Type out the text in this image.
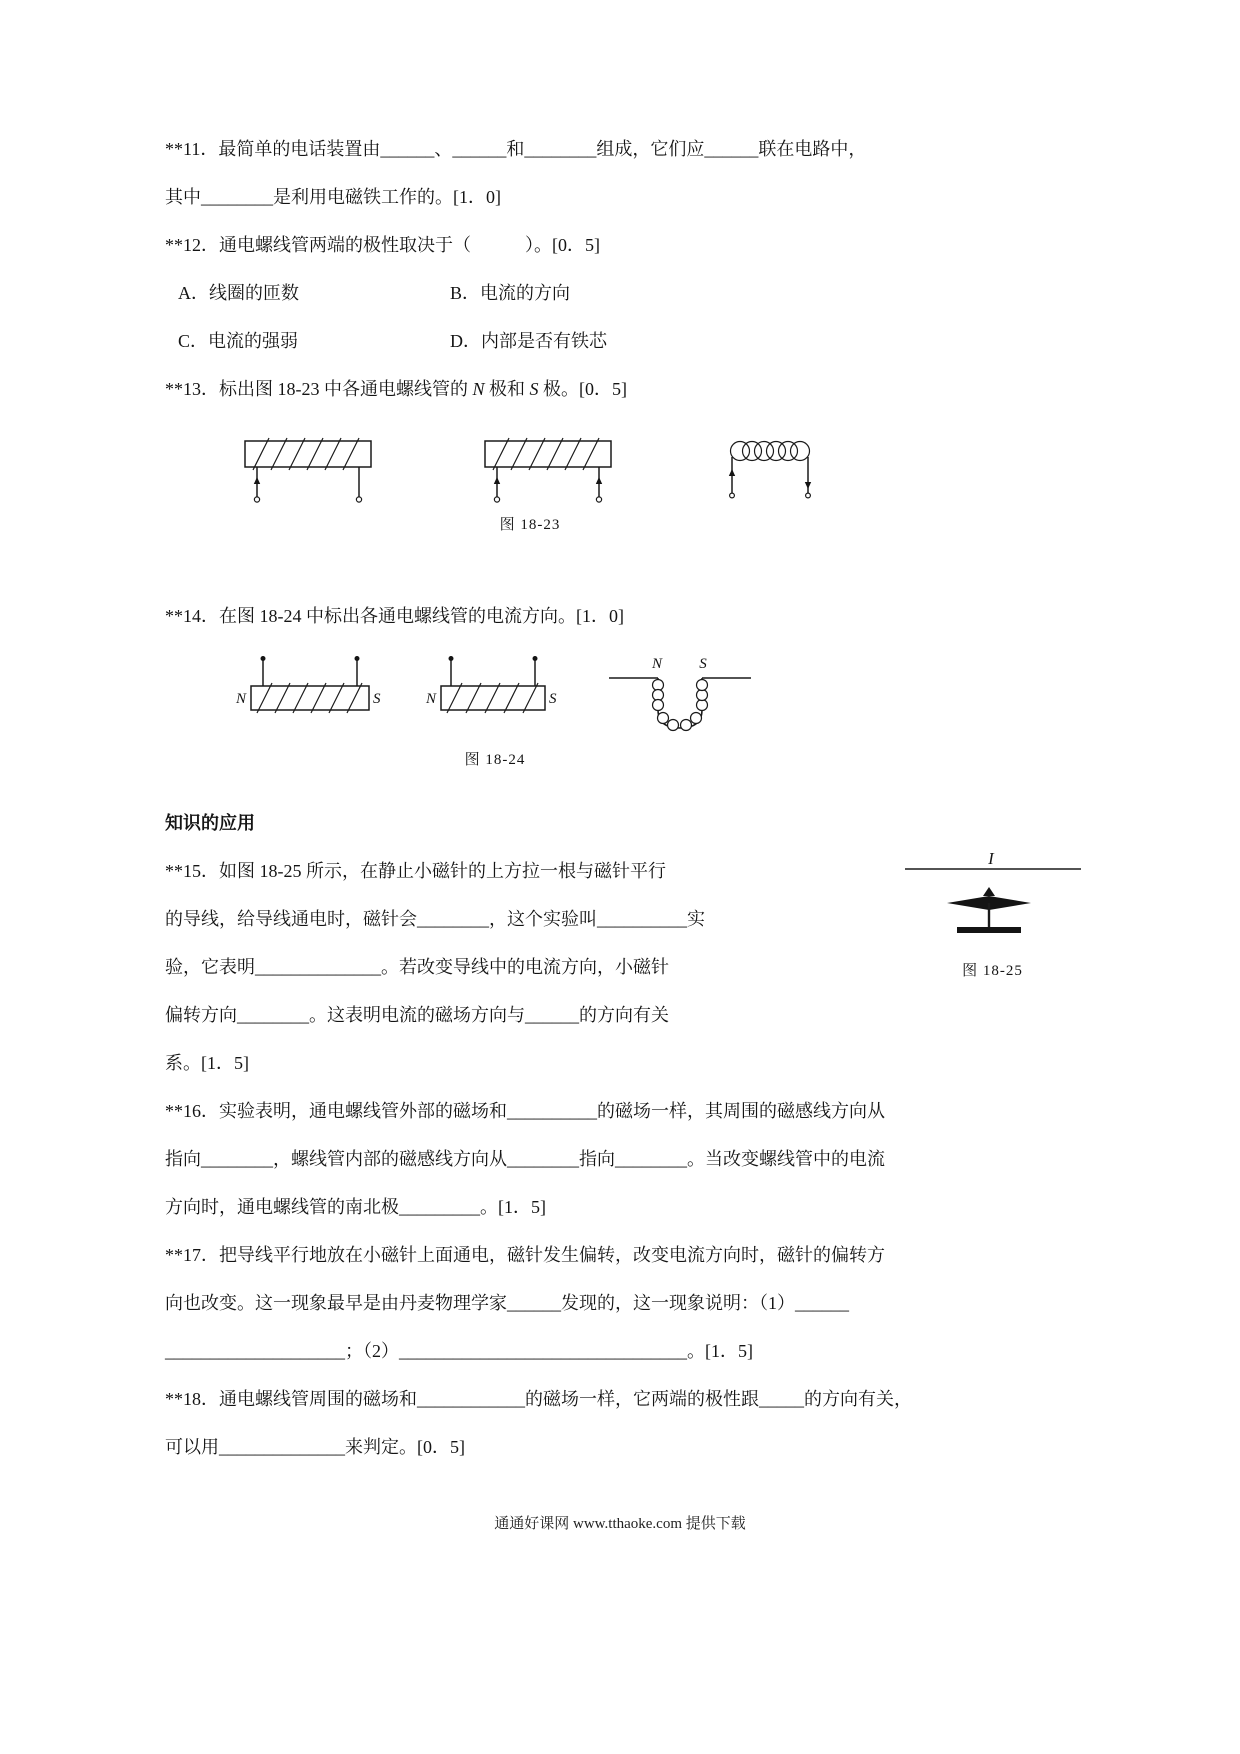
**11．最简单的电话装置由______、______和________组成，它们应______联在电路中，

其中________是利用电磁铁工作的。[1．0]

**12．通电螺线管两端的极性取决于（　　　）。[0．5]

A．线圈的匝数	B．电流的方向
C．电流的强弱	D．内部是否有铁芯

**13．标出图 18-23 中各通电螺线管的 N 极和 S 极。[0．5]

图 18-23

**14．在图 18-24 中标出各通电螺线管的电流方向。[1．0]

N	S	N	S
N S
图 18-24

知识的应用

I
图 18-25

**15．如图 18-25 所示，在静止小磁针的上方拉一根与磁针平行

的导线，给导线通电时，磁针会________，这个实验叫__________实

验，它表明______________。若改变导线中的电流方向，小磁针

偏转方向________。这表明电流的磁场方向与______的方向有关

系。[1．5]

**16．实验表明，通电螺线管外部的磁场和__________的磁场一样，其周围的磁感线方向从

指向________，螺线管内部的磁感线方向从________指向________。当改变螺线管中的电流

方向时，通电螺线管的南北极_________。[1．5]

**17．把导线平行地放在小磁针上面通电，磁针发生偏转，改变电流方向时，磁针的偏转方

向也改变。这一现象最早是由丹麦物理学家______发现的，这一现象说明：（1）______

____________________；（2）________________________________。[1．5]

**18．通电螺线管周围的磁场和____________的磁场一样，它两端的极性跟_____的方向有关，

可以用______________来判定。[0．5]

通通好课网 www.tthaoke.com 提供下载
